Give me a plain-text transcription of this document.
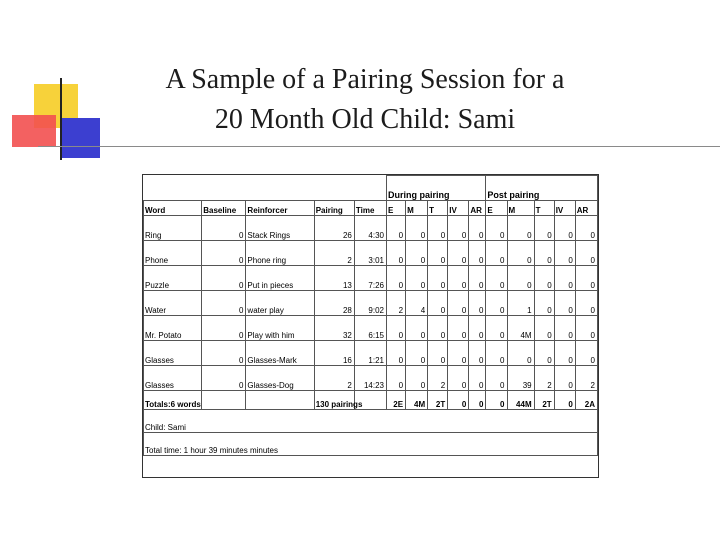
A Sample of a Pairing Session for a
20 Month Old Child: Sami
					During pairing					Post pairing				
Word	Baseline	Reinforcer	Pairing	Time	E	M	T	IV	AR	E	M	T	IV	AR
Ring	0	Stack Rings	26	4:30	0	0	0	0	0	0	0	0	0	0
Phone	0	Phone ring	2	3:01	0	0	0	0	0	0	0	0	0	0
Puzzle	0	Put in pieces	13	7:26	0	0	0	0	0	0	0	0	0	0
Water	0	water play	28	9:02	2	4	0	0	0	0	1	0	0	0
Mr. Potato	0	Play with him	32	6:15	0	0	0	0	0	0	4M	0	0	0
Glasses	0	Glasses-Mark	16	1:21	0	0	0	0	0	0	0	0	0	0
Glasses	0	Glasses-Dog	2	14:23	0	0	2	0	0	0	39	2	0	2
Totals:6 words			130 pairings		2E	4M	2T	0	0	0	44M	2T	0	2A
Child: Sami														
Total time: 1 hour 39 minutes minutes														
